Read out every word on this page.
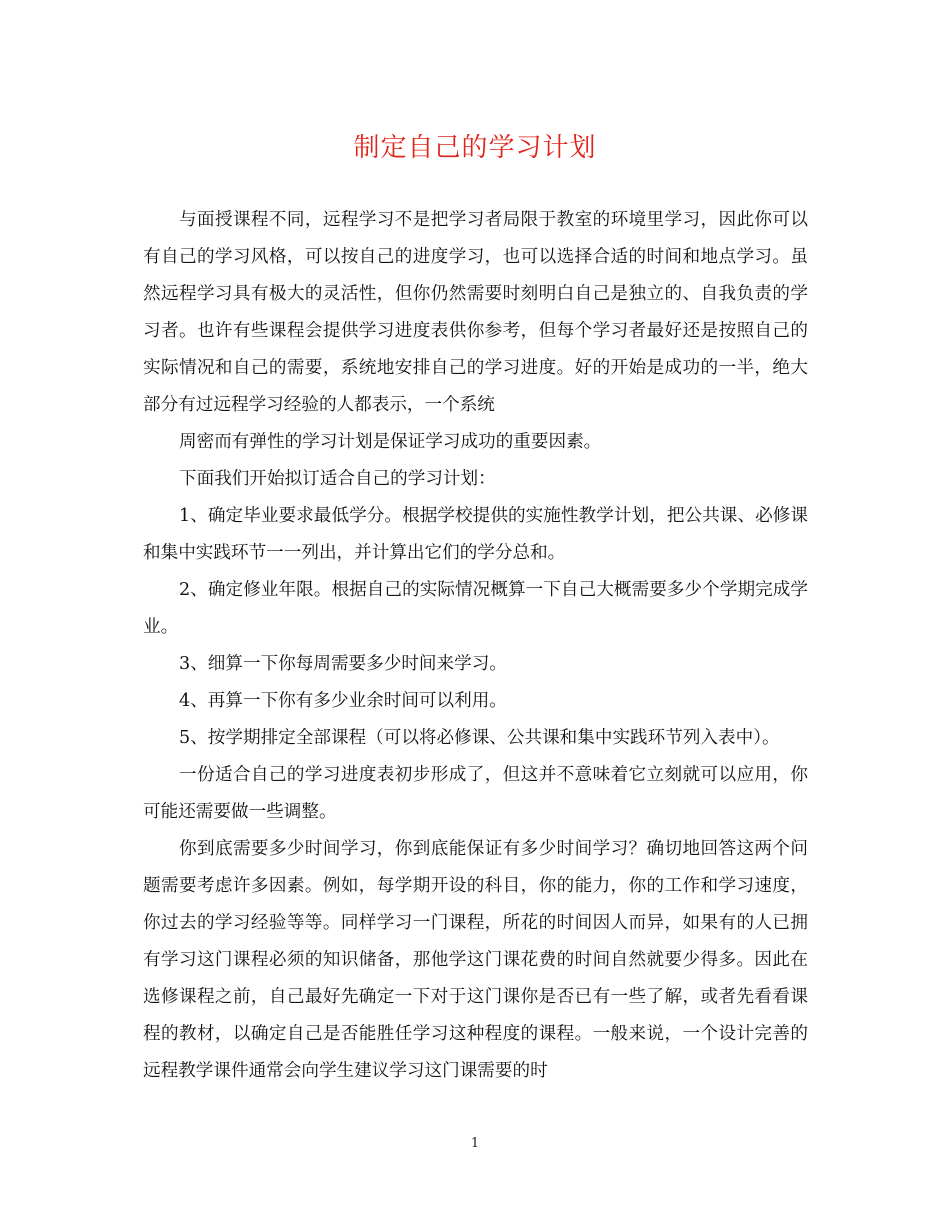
制定自己的学习计划

与面授课程不同，远程学习不是把学习者局限于教室的环境里学习，因此你可以有自己的学习风格，可以按自己的进度学习，也可以选择合适的时间和地点学习。虽然远程学习具有极大的灵活性，但你仍然需要时刻明白自己是独立的、自我负责的学习者。也许有些课程会提供学习进度表供你参考，但每个学习者最好还是按照自己的实际情况和自己的需要，系统地安排自己的学习进度。好的开始是成功的一半，绝大部分有过远程学习经验的人都表示，一个系统

周密而有弹性的学习计划是保证学习成功的重要因素。

下面我们开始拟订适合自己的学习计划：

1、确定毕业要求最低学分。根据学校提供的实施性教学计划，把公共课、必修课和集中实践环节一一列出，并计算出它们的学分总和。

2、确定修业年限。根据自己的实际情况概算一下自己大概需要多少个学期完成学业。

3、细算一下你每周需要多少时间来学习。

4、再算一下你有多少业余时间可以利用。

5、按学期排定全部课程（可以将必修课、公共课和集中实践环节列入表中）。

一份适合自己的学习进度表初步形成了，但这并不意味着它立刻就可以应用，你可能还需要做一些调整。

你到底需要多少时间学习，你到底能保证有多少时间学习？确切地回答这两个问题需要考虑许多因素。例如，每学期开设的科目，你的能力，你的工作和学习速度，你过去的学习经验等等。同样学习一门课程，所花的时间因人而异，如果有的人已拥有学习这门课程必须的知识储备，那他学这门课花费的时间自然就要少得多。因此在选修课程之前，自己最好先确定一下对于这门课你是否已有一些了解，或者先看看课程的教材，以确定自己是否能胜任学习这种程度的课程。一般来说，一个设计完善的远程教学课件通常会向学生建议学习这门课需要的时

1
